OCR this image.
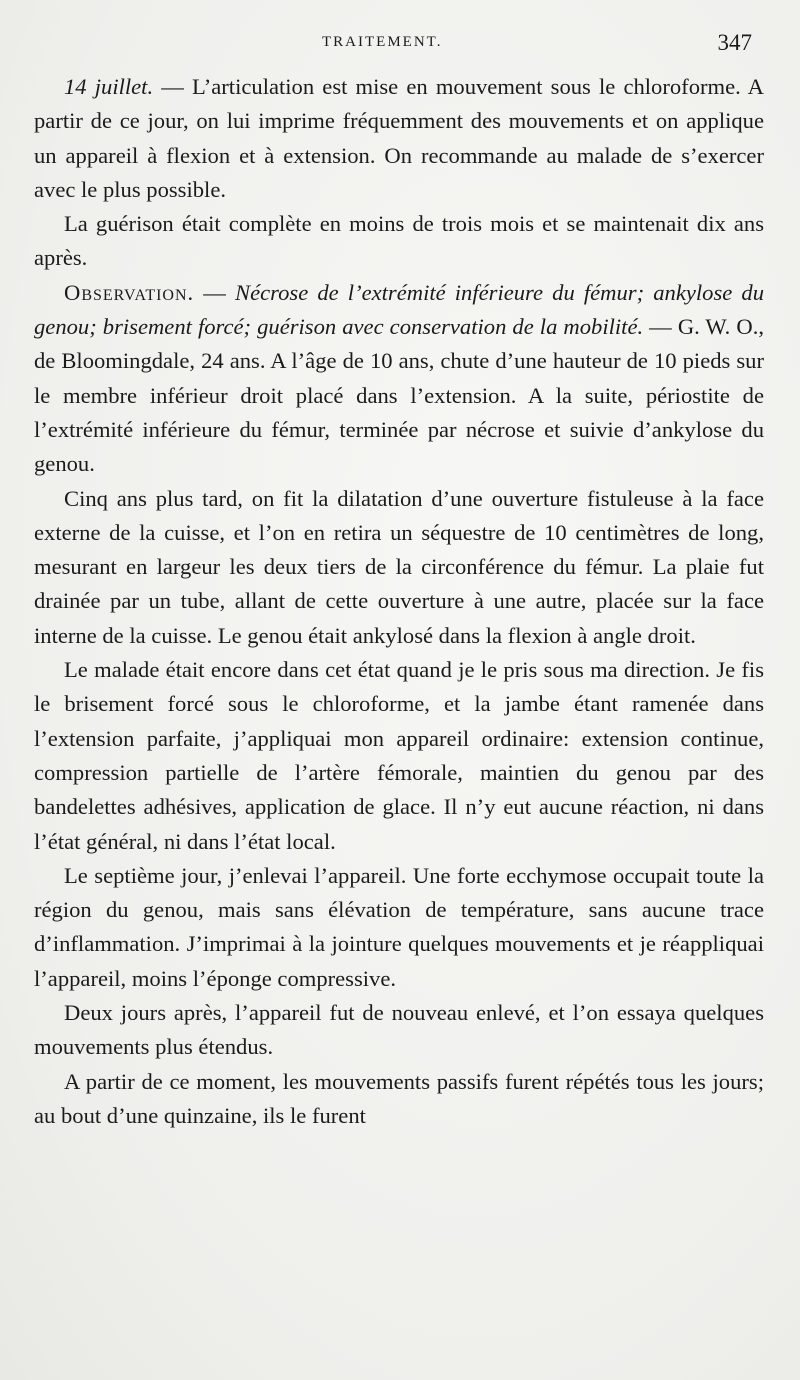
TRAITEMENT.	347

14 juillet. — L’articulation est mise en mouvement sous le chloroforme. A partir de ce jour, on lui imprime fréquemment des mouvements et on applique un appareil à flexion et à extension. On recommande au malade de s’exercer avec le plus possible.

La guérison était complète en moins de trois mois et se maintenait dix ans après.

Observation. — Nécrose de l’extrémité inférieure du fémur; ankylose du genou; brisement forcé; guérison avec conservation de la mobilité. — G. W. O., de Bloomingdale, 24 ans. A l’âge de 10 ans, chute d’une hauteur de 10 pieds sur le membre inférieur droit placé dans l’extension. A la suite, périostite de l’extrémité inférieure du fémur, terminée par nécrose et suivie d’ankylose du genou.

Cinq ans plus tard, on fit la dilatation d’une ouverture fistuleuse à la face externe de la cuisse, et l’on en retira un séquestre de 10 centimètres de long, mesurant en largeur les deux tiers de la circonférence du fémur. La plaie fut drainée par un tube, allant de cette ouverture à une autre, placée sur la face interne de la cuisse. Le genou était ankylosé dans la flexion à angle droit.

Le malade était encore dans cet état quand je le pris sous ma direction. Je fis le brisement forcé sous le chloroforme, et la jambe étant ramenée dans l’extension parfaite, j’appliquai mon appareil ordinaire: extension continue, compression partielle de l’artère fémorale, maintien du genou par des bandelettes adhésives, application de glace. Il n’y eut aucune réaction, ni dans l’état général, ni dans l’état local.

Le septième jour, j’enlevai l’appareil. Une forte ecchymose occupait toute la région du genou, mais sans élévation de température, sans aucune trace d’inflammation. J’imprimai à la jointure quelques mouvements et je réappliquai l’appareil, moins l’éponge compressive.

Deux jours après, l’appareil fut de nouveau enlevé, et l’on essaya quelques mouvements plus étendus.

A partir de ce moment, les mouvements passifs furent répétés tous les jours; au bout d’une quinzaine, ils le furent
